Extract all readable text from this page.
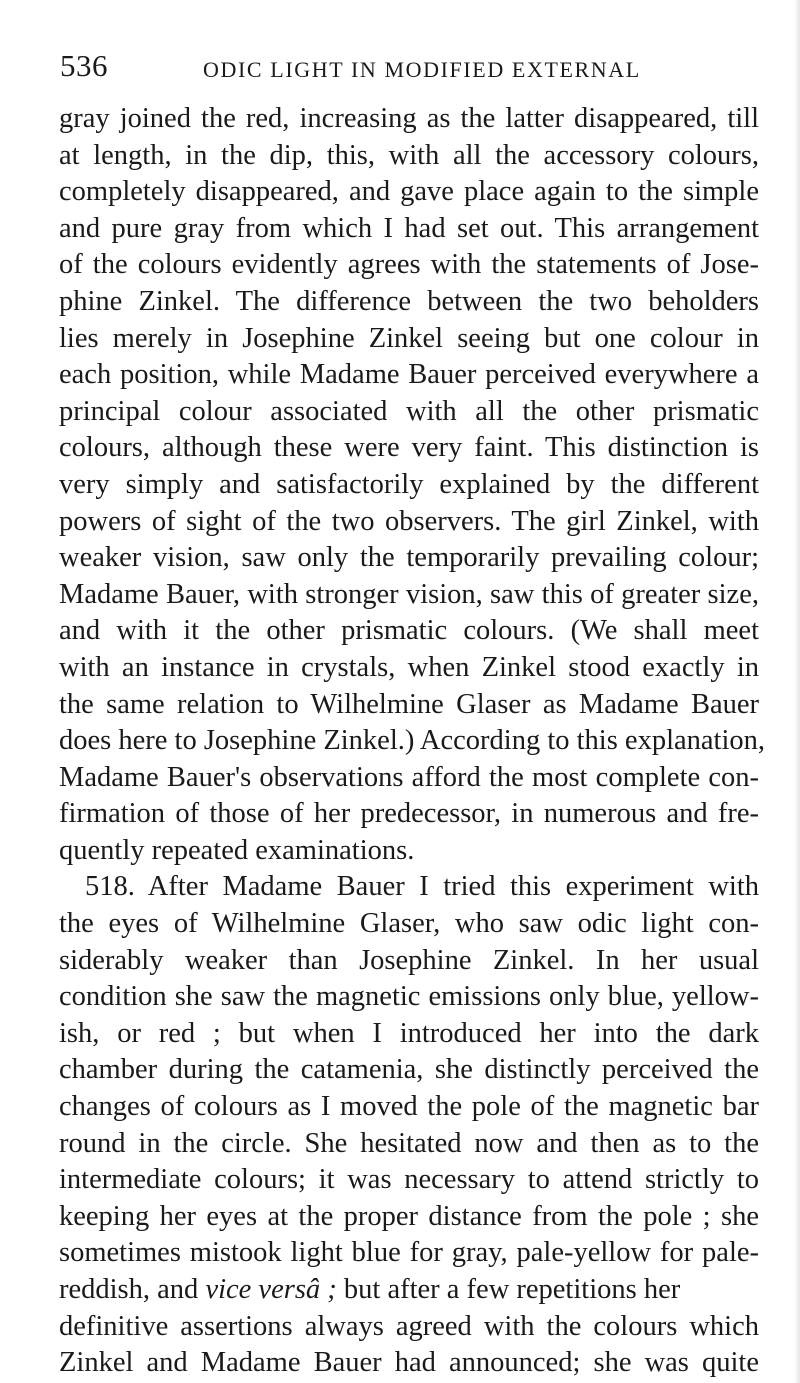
536	ODIC LIGHT IN MODIFIED EXTERNAL
gray joined the red, increasing as the latter disappeared, till
at length, in the dip, this, with all the accessory colours,
completely disappeared, and gave place again to the simple
and pure gray from which I had set out. This arrangement
of the colours evidently agrees with the statements of Jose-
phine Zinkel. The difference between the two beholders
lies merely in Josephine Zinkel seeing but one colour in
each position, while Madame Bauer perceived everywhere a
principal colour associated with all the other prismatic
colours, although these were very faint. This distinction is
very simply and satisfactorily explained by the different
powers of sight of the two observers. The girl Zinkel, with
weaker vision, saw only the temporarily prevailing colour;
Madame Bauer, with stronger vision, saw this of greater size,
and with it the other prismatic colours. (We shall meet
with an instance in crystals, when Zinkel stood exactly in
the same relation to Wilhelmine Glaser as Madame Bauer
does here to Josephine Zinkel.) According to this explanation,
Madame Bauer's observations afford the most complete con-
firmation of those of her predecessor, in numerous and fre-
quently repeated examinations.
518. After Madame Bauer I tried this experiment with
the eyes of Wilhelmine Glaser, who saw odic light con-
siderably weaker than Josephine Zinkel. In her usual
condition she saw the magnetic emissions only blue, yellow-
ish, or red ; but when I introduced her into the dark
chamber during the catamenia, she distinctly perceived the
changes of colours as I moved the pole of the magnetic bar
round in the circle. She hesitated now and then as to the
intermediate colours; it was necessary to attend strictly to
keeping her eyes at the proper distance from the pole ; she
sometimes mistook light blue for gray, pale-yellow for pale-
reddish, and vice versâ ; but after a few repetitions her
definitive assertions always agreed with the colours which
Zinkel and Madame Bauer had announced; she was quite
